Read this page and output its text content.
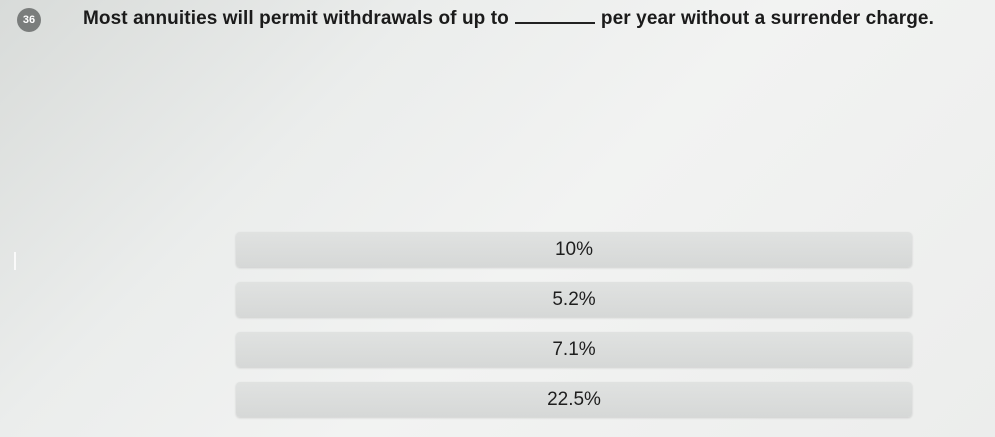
36	Most annuities will permit withdrawals of up to	per year without a surrender charge.
10%
5.2%
7.1%
22.5%
